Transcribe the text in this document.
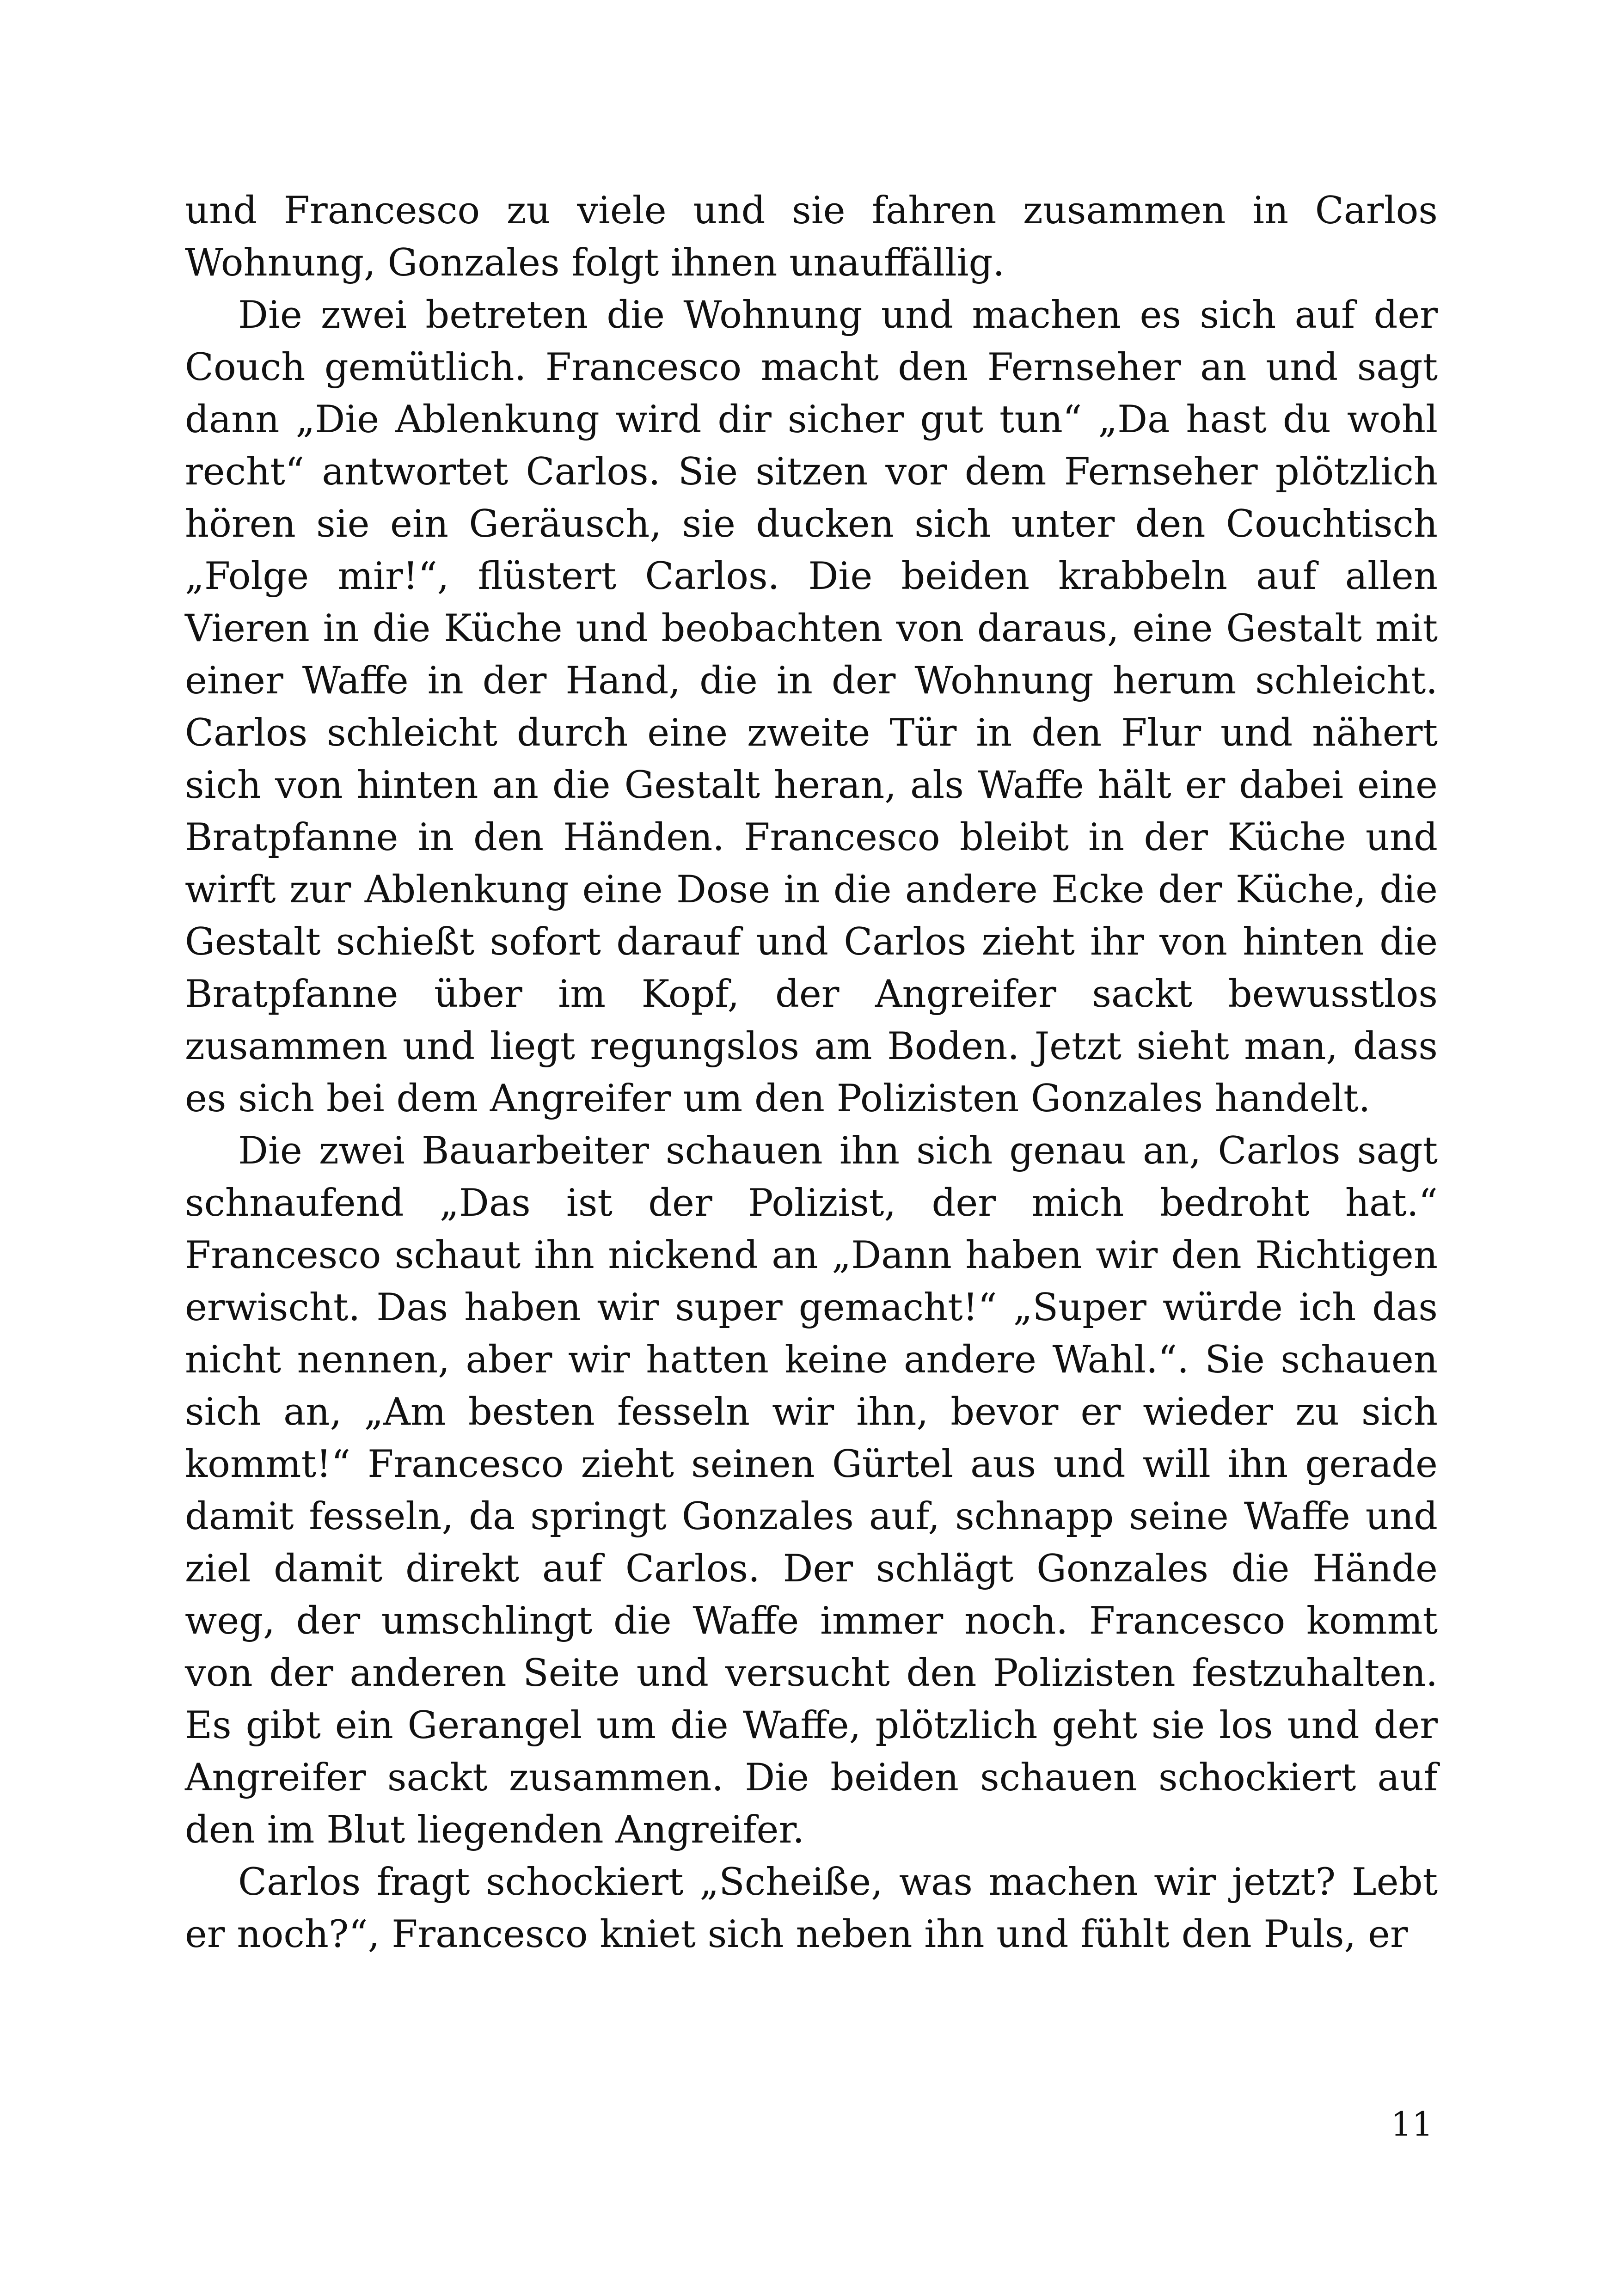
und Francesco zu viele und sie fahren zusammen in Carlos Wohnung, Gonzales folgt ihnen unauffällig.

Die zwei betreten die Wohnung und machen es sich auf der Couch gemütlich. Francesco macht den Fernseher an und sagt dann „Die Ablenkung wird dir sicher gut tun“ „Da hast du wohl recht“ antwortet Carlos. Sie sitzen vor dem Fernseher plötzlich hören sie ein Geräusch, sie ducken sich unter den Couchtisch „Folge mir!“, flüstert Carlos. Die beiden krabbeln auf allen Vieren in die Küche und beobachten von daraus, eine Gestalt mit einer Waffe in der Hand, die in der Wohnung herum schleicht. Carlos schleicht durch eine zweite Tür in den Flur und nähert sich von hinten an die Gestalt heran, als Waffe hält er dabei eine Bratpfanne in den Händen. Francesco bleibt in der Küche und wirft zur Ablenkung eine Dose in die andere Ecke der Küche, die Gestalt schießt sofort darauf und Carlos zieht ihr von hinten die Bratpfanne über im Kopf, der Angreifer sackt bewusstlos zusammen und liegt regungslos am Boden. Jetzt sieht man, dass es sich bei dem Angreifer um den Polizisten Gonzales handelt.

Die zwei Bauarbeiter schauen ihn sich genau an, Carlos sagt schnaufend „Das ist der Polizist, der mich bedroht hat.“ Francesco schaut ihn nickend an „Dann haben wir den Richtigen erwischt. Das haben wir super gemacht!“ „Super würde ich das nicht nennen, aber wir hatten keine andere Wahl.“. Sie schauen sich an, „Am besten fesseln wir ihn, bevor er wieder zu sich kommt!“ Francesco zieht seinen Gürtel aus und will ihn gerade damit fesseln, da springt Gonzales auf, schnapp seine Waffe und ziel damit direkt auf Carlos. Der schlägt Gonzales die Hände weg, der umschlingt die Waffe immer noch. Francesco kommt von der anderen Seite und versucht den Polizisten festzuhalten. Es gibt ein Gerangel um die Waffe, plötzlich geht sie los und der Angreifer sackt zusammen. Die beiden schauen schockiert auf den im Blut liegenden Angreifer.

Carlos fragt schockiert „Scheiße, was machen wir jetzt? Lebt er noch?“, Francesco kniet sich neben ihn und fühlt den Puls, er

11
